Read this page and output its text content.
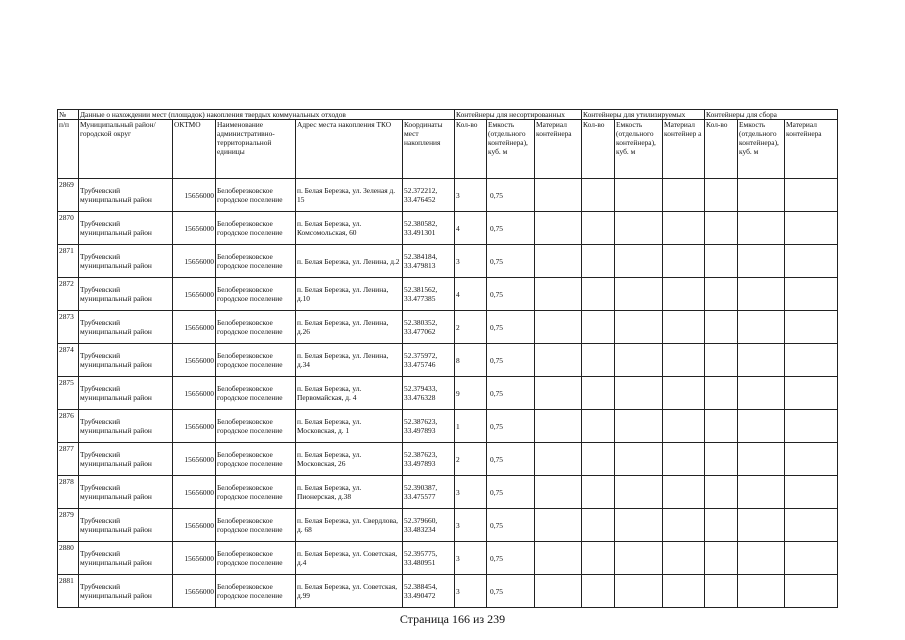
№	Данные о нахождении мест (площадок) накопления твердых коммунальных отходов					Контейнеры для несортированных			Контейнеры для утилизируемых			Контейнеры для сбора		
п/п	Муниципальный район/городской округ	ОКТМО	Наименование административно-территориальной единицы	Адрес места накопления ТКО	Координаты мест накопления	Кол-во	Емкость (отдельного контейнера), куб. м	Материал контейнера	Кол-во	Емкость (отдельного контейнера), куб. м	Материал контейнер а	Кол-во	Емкость (отдельного контейнера), куб. м	Материал контейнера
2869	Трубчевский муниципальный район	15656000	Белоберезковское городское поселение	п. Белая Березка, ул. Зеленая д. 15	52.372212, 33.476452	3	0,75							
2870	Трубчевский муниципальный район	15656000	Белоберезковское городское поселение	п. Белая Березка, ул. Комсомольская, 60	52.380582, 33.491301	4	0,75							
2871	Трубчевский муниципальный район	15656000	Белоберезковское городское поселение	п. Белая Березка, ул. Ленина, д.2	52.384184, 33.479813	3	0,75							
2872	Трубчевский муниципальный район	15656000	Белоберезковское городское поселение	п. Белая Березка, ул. Ленина, д.10	52.381562, 33.477385	4	0,75							
2873	Трубчевский муниципальный район	15656000	Белоберезковское городское поселение	п. Белая Березка, ул. Ленина, д.26	52.380352, 33.477062	2	0,75							
2874	Трубчевский муниципальный район	15656000	Белоберезковское городское поселение	п. Белая Березка, ул. Ленина, д.34	52.375972, 33.475746	8	0,75							
2875	Трубчевский муниципальный район	15656000	Белоберезковское городское поселение	п. Белая Березка, ул. Первомайская, д. 4	52.379433, 33.476328	9	0,75							
2876	Трубчевский муниципальный район	15656000	Белоберезковское городское поселение	п. Белая Березка, ул. Московская, д. 1	52.387623, 33.497893	1	0,75							
2877	Трубчевский муниципальный район	15656000	Белоберезковское городское поселение	п. Белая Березка, ул. Московская, 26	52.387623, 33.497893	2	0,75							
2878	Трубчевский муниципальный район	15656000	Белоберезковское городское поселение	п. Белая Березка, ул. Пионерская, д.38	52.390387, 33.475577	3	0,75							
2879	Трубчевский муниципальный район	15656000	Белоберезковское городское поселение	п. Белая Березка, ул. Свердлова, д. 68	52.379660, 33.483234	3	0,75							
2880	Трубчевский муниципальный район	15656000	Белоберезковское городское поселение	п. Белая Березка, ул. Советская, д.4	52.395775, 33.480951	3	0,75							
2881	Трубчевский муниципальный район	15656000	Белоберезковское городское поселение	п. Белая Березка, ул. Советская, д.99	52.388454, 33.490472	3	0,75							
Страница 166 из 239
